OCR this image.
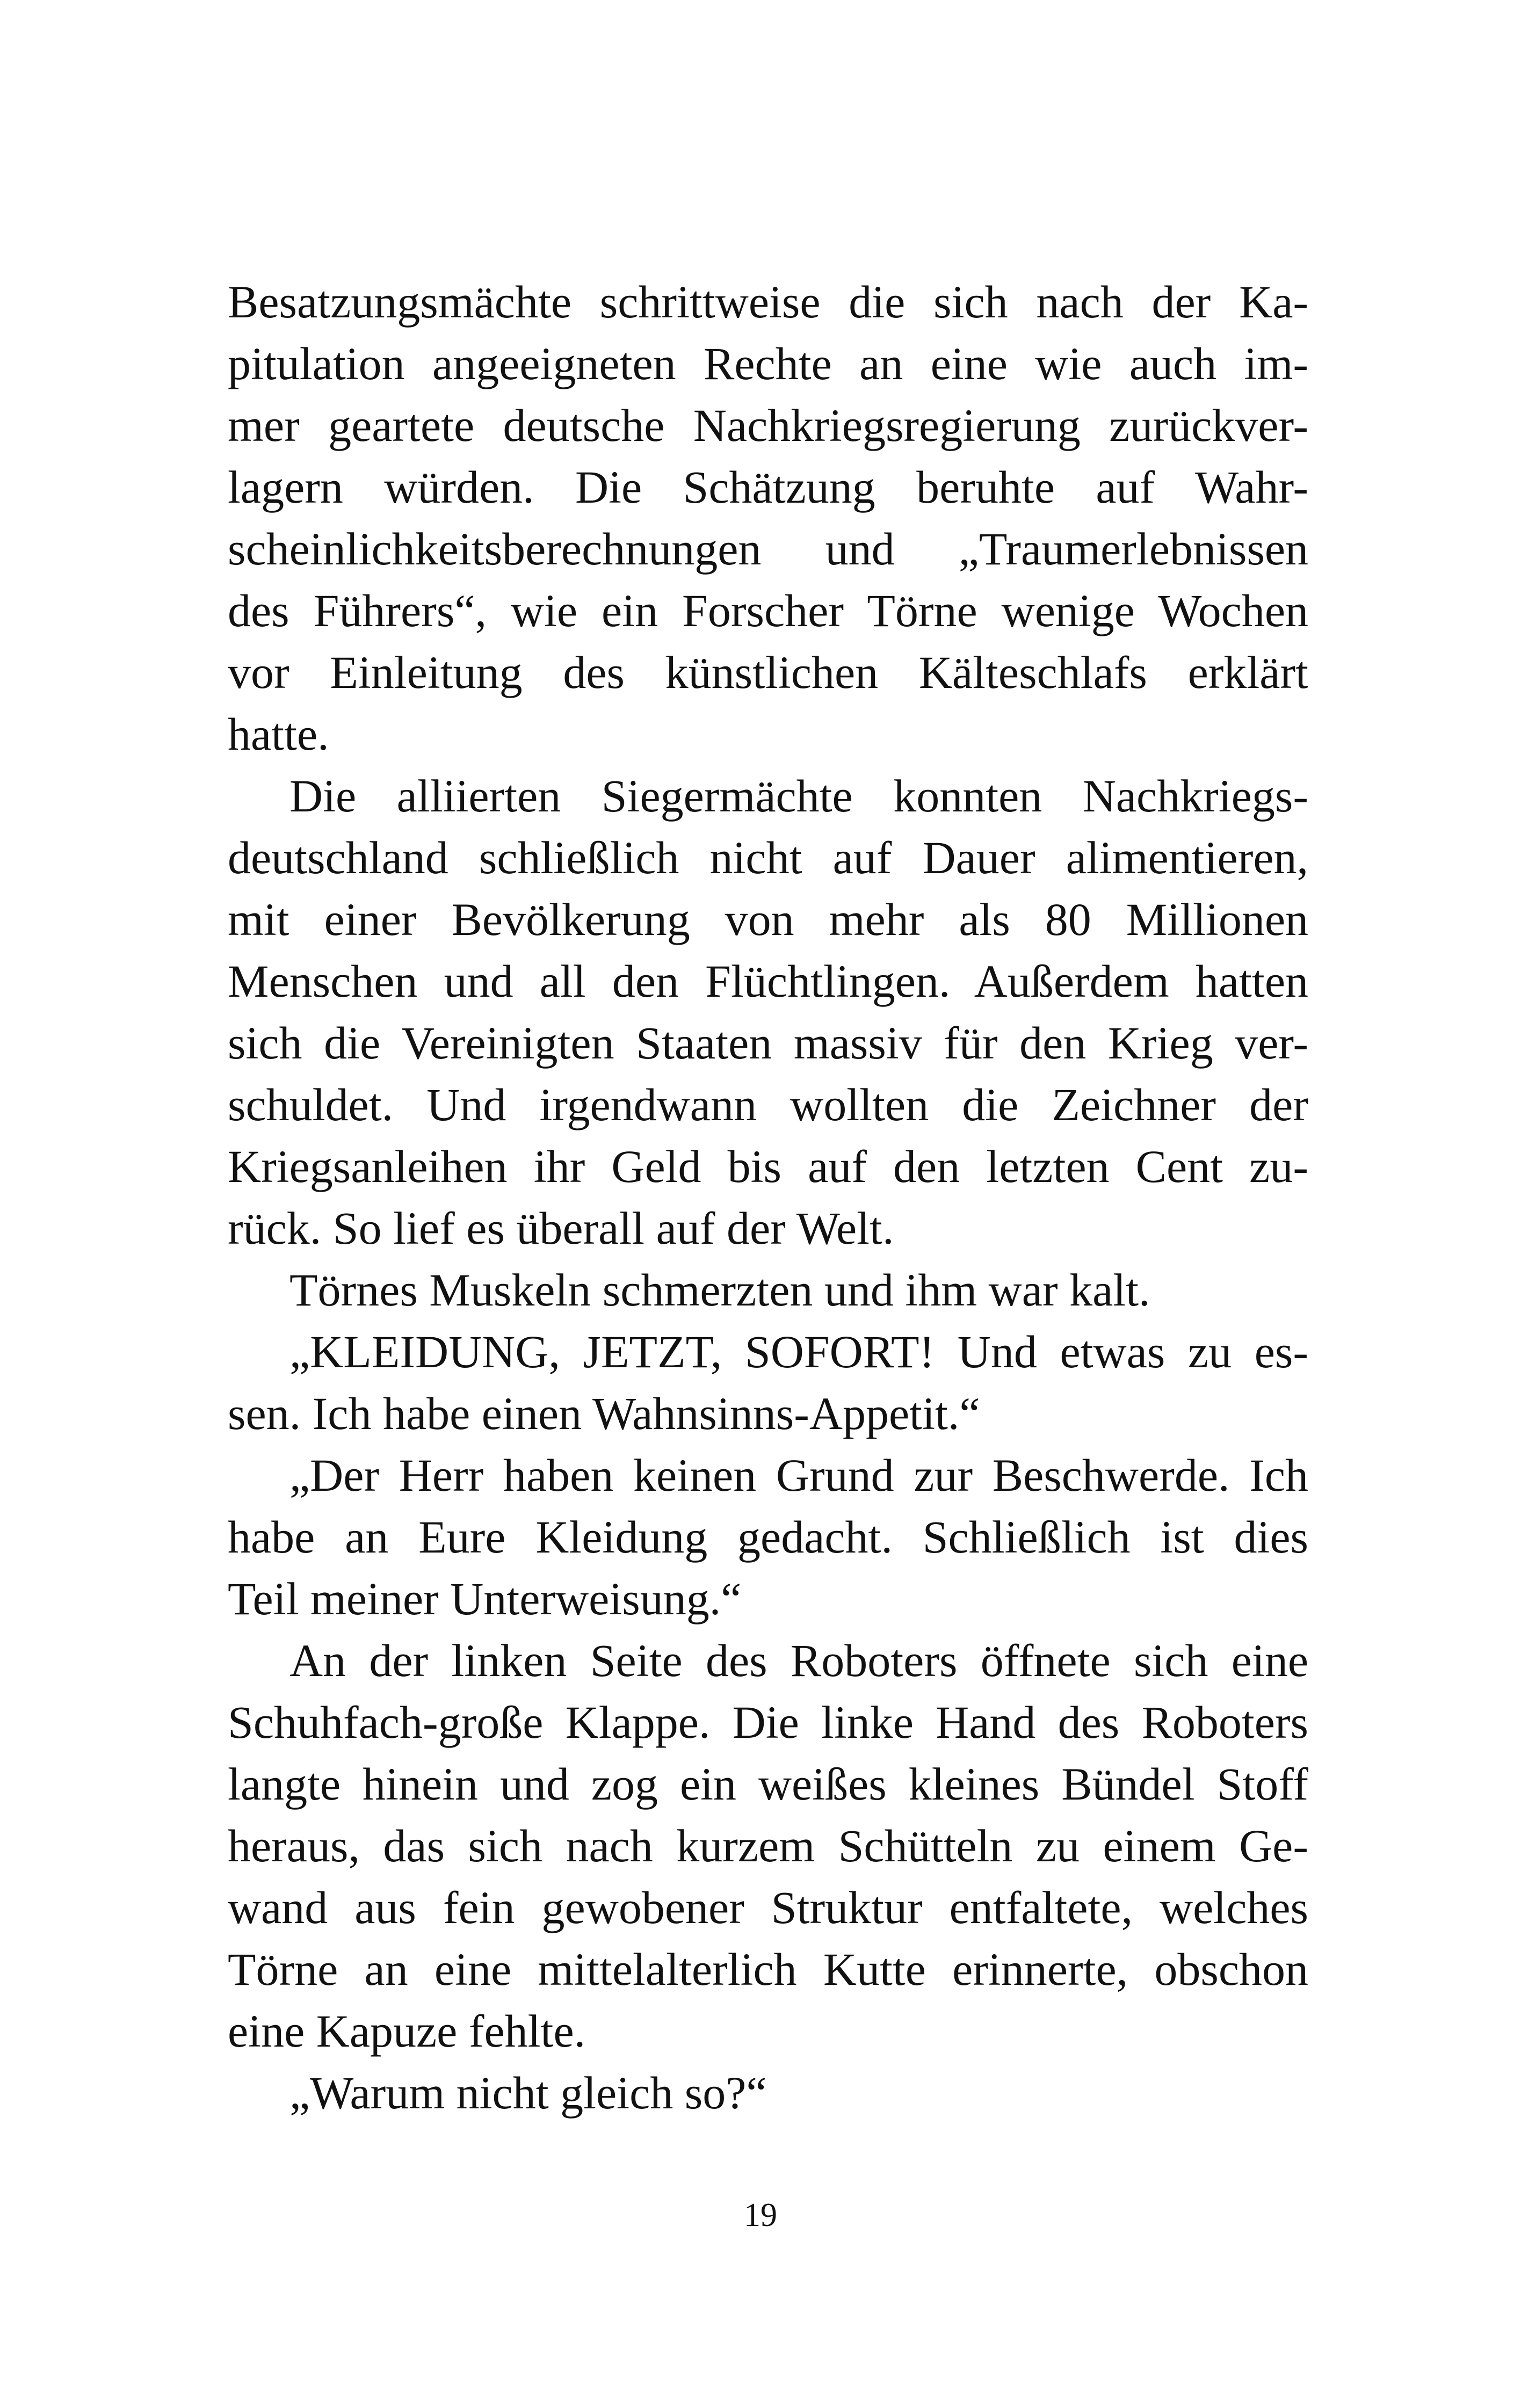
Besatzungsmächte schrittweise die sich nach der Ka-
pitulation angeeigneten Rechte an eine wie auch im-
mer geartete deutsche Nachkriegsregierung zurückver-
lagern würden. Die Schätzung beruhte auf Wahr-
scheinlichkeitsberechnungen und „Traumerlebnissen
des Führers“, wie ein Forscher Törne wenige Wochen
vor Einleitung des künstlichen Kälteschlafs erklärt
hatte.
Die alliierten Siegermächte konnten Nachkriegs-
deutschland schließlich nicht auf Dauer alimentieren,
mit einer Bevölkerung von mehr als 80 Millionen
Menschen und all den Flüchtlingen. Außerdem hatten
sich die Vereinigten Staaten massiv für den Krieg ver-
schuldet. Und irgendwann wollten die Zeichner der
Kriegsanleihen ihr Geld bis auf den letzten Cent zu-
rück. So lief es überall auf der Welt.
Törnes Muskeln schmerzten und ihm war kalt.
„KLEIDUNG, JETZT, SOFORT! Und etwas zu es-
sen. Ich habe einen Wahnsinns-Appetit.“
„Der Herr haben keinen Grund zur Beschwerde. Ich
habe an Eure Kleidung gedacht. Schließlich ist dies
Teil meiner Unterweisung.“
An der linken Seite des Roboters öffnete sich eine
Schuhfach-große Klappe. Die linke Hand des Roboters
langte hinein und zog ein weißes kleines Bündel Stoff
heraus, das sich nach kurzem Schütteln zu einem Ge-
wand aus fein gewobener Struktur entfaltete, welches
Törne an eine mittelalterlich Kutte erinnerte, obschon
eine Kapuze fehlte.
„Warum nicht gleich so?“
19
